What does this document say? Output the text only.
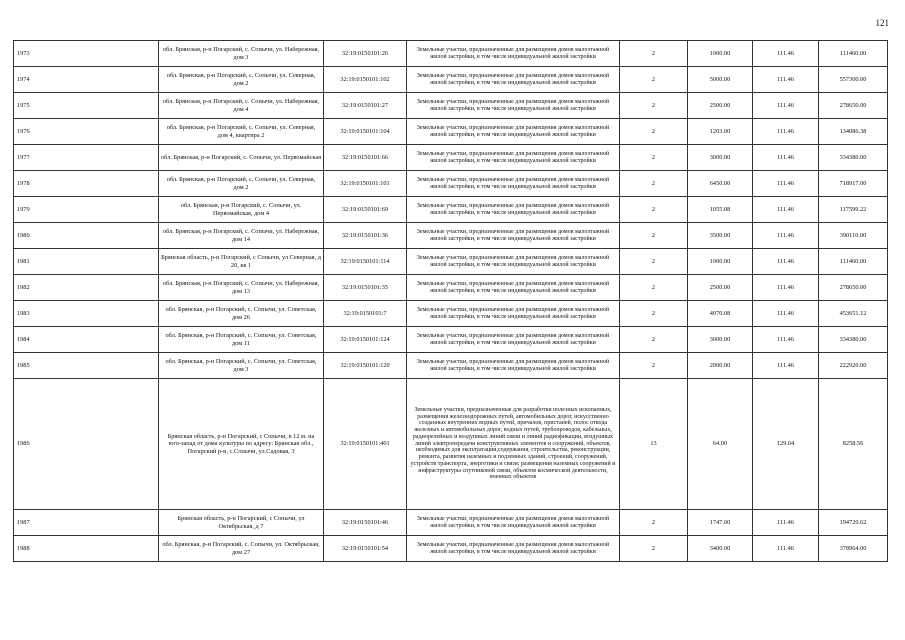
121
1973	обл. Брянская, р-н Погарский, с. Сопычи, ул. Набережная, дом 3	32:19:0150101:26	Земельные участки, предназначенные для размещения домов малоэтажной жилой застройки, в том числе индивидуальной жилой застройки	2	1000.00	111.46	111460.00
1974	обл. Брянская, р-н Погарский, с. Сопычи, ул. Северная, дом 2	32:19:0150101:102	Земельные участки, предназначенные для размещения домов малоэтажной жилой застройки, в том числе индивидуальной жилой застройки	2	5000.00	111.46	557300.00
1975	обл. Брянская, р-н Погарский, с. Сопычи, ул. Набережная, дом 4	32:19:0150101:27	Земельные участки, предназначенные для размещения домов малоэтажной жилой застройки, в том числе индивидуальной жилой застройки	2	2500.00	111.46	278650.00
1976	обл. Брянская, р-н Погарский, с. Сопычи, ул. Северная, дом 4, квартира 2	32:19:0150101:104	Земельные участки, предназначенные для размещения домов малоэтажной жилой застройки, в том числе индивидуальной жилой застройки	2	1203.00	111.46	134086.38
1977	обл. Брянская, р-н Погарский, с. Сопычи, ул. Первомайская	32:19:0150101:66	Земельные участки, предназначенные для размещения домов малоэтажной жилой застройки, в том числе индивидуальной жилой застройки	2	3000.00	111.46	334380.00
1978	обл. Брянская, р-н Погарский, с. Сопычи, ул. Северная, дом 2	32:19:0150101:101	Земельные участки, предназначенные для размещения домов малоэтажной жилой застройки, в том числе индивидуальной жилой застройки	2	6450.00	111.46	718917.00
1979	обл. Брянская, р-н Погарский, с. Сопычи, ул. Первомайская, дом 4	32:19:0150101:69	Земельные участки, предназначенные для размещения домов малоэтажной жилой застройки, в том числе индивидуальной жилой застройки	2	1055.08	111.46	117599.22
1980	обл. Брянская, р-н Погарский, с. Сопычи, ул. Набережная, дом 14	32:19:0150101:36	Земельные участки, предназначенные для размещения домов малоэтажной жилой застройки, в том числе индивидуальной жилой застройки	2	3500.00	111.46	390110.00
1981	Брянская область, р-н Погарский, с Сопычи, ул Северная, д 20, кв 1	32:19:0150101:114	Земельные участки, предназначенные для размещения домов малоэтажной жилой застройки, в том числе индивидуальной жилой застройки	2	1000.00	111.46	111460.00
1982	обл. Брянская, р-н Погарский, с. Сопычи, ул. Набережная, дом 13	32:19:0150101:35	Земельные участки, предназначенные для размещения домов малоэтажной жилой застройки, в том числе индивидуальной жилой застройки	2	2500.00	111.46	278650.00
1983	обл. Брянская, р-н Погарский, с. Сопычи, ул. Советская, дом 26	32:19:0150101:7	Земельные участки, предназначенные для размещения домов малоэтажной жилой застройки, в том числе индивидуальной жилой застройки	2	4070.08	111.46	453651.12
1984	обл. Брянская, р-н Погарский, с. Сопычи, ул. Советская, дом 11	32:19:0150101:124	Земельные участки, предназначенные для размещения домов малоэтажной жилой застройки, в том числе индивидуальной жилой застройки	2	3000.00	111.46	334380.00
1985	обл. Брянская, р-н Погарский, с. Сопычи, ул. Советская, дом 3	32:19:0150101:120	Земельные участки, предназначенные для размещения домов малоэтажной жилой застройки, в том числе индивидуальной жилой застройки	2	2000.00	111.46	222920.00
1986	Брянская область, р-н Погарский, с Сопычи, в 12 м. на юго-запад от дома культуры по адресу: Брянская обл., Погарский р-н, с.Сопычи, ул.Садовая, 3	32:19:0150101:401	Земельные участки, предназначенные для разработки полезных ископаемых, размещения железнодорожных путей, автомобильных дорог, искусственно созданных внутренних водных путей, причалов, пристаней, полос отвода железных и автомобильных дорог, водных путей, трубопроводов, кабельных, радиорелейных и воздушных линий связи и линий радиофикации, воздушных линий электропередачи конструктивных элементов и сооружений, объектов, необходимых для эксплуатации,содержания, строительства, реконструкции, ремонта, развития наземных и подземных зданий, строений, сооружений, устройств транспорта, энергетики и связи; размещения наземных сооружений и инфраструктуры спутниковой связи, объектов космической деятельности, военных объектов	13	64.00	129.04	8258.56
1987	Брянская область, р-н Погарский, с Сопычи, ул Октябрьская, д 7	32:19:0150101:46	Земельные участки, предназначенные для размещения домов малоэтажной жилой застройки, в том числе индивидуальной жилой застройки	2	1747.00	111.46	194720.62
1988	обл. Брянская, р-н Погарский, с. Сопычи, ул. Октябрьская, дом 27	32:19:0150101:54	Земельные участки, предназначенные для размещения домов малоэтажной жилой застройки, в том числе индивидуальной жилой застройки	2	3400.00	111.46	378964.00
